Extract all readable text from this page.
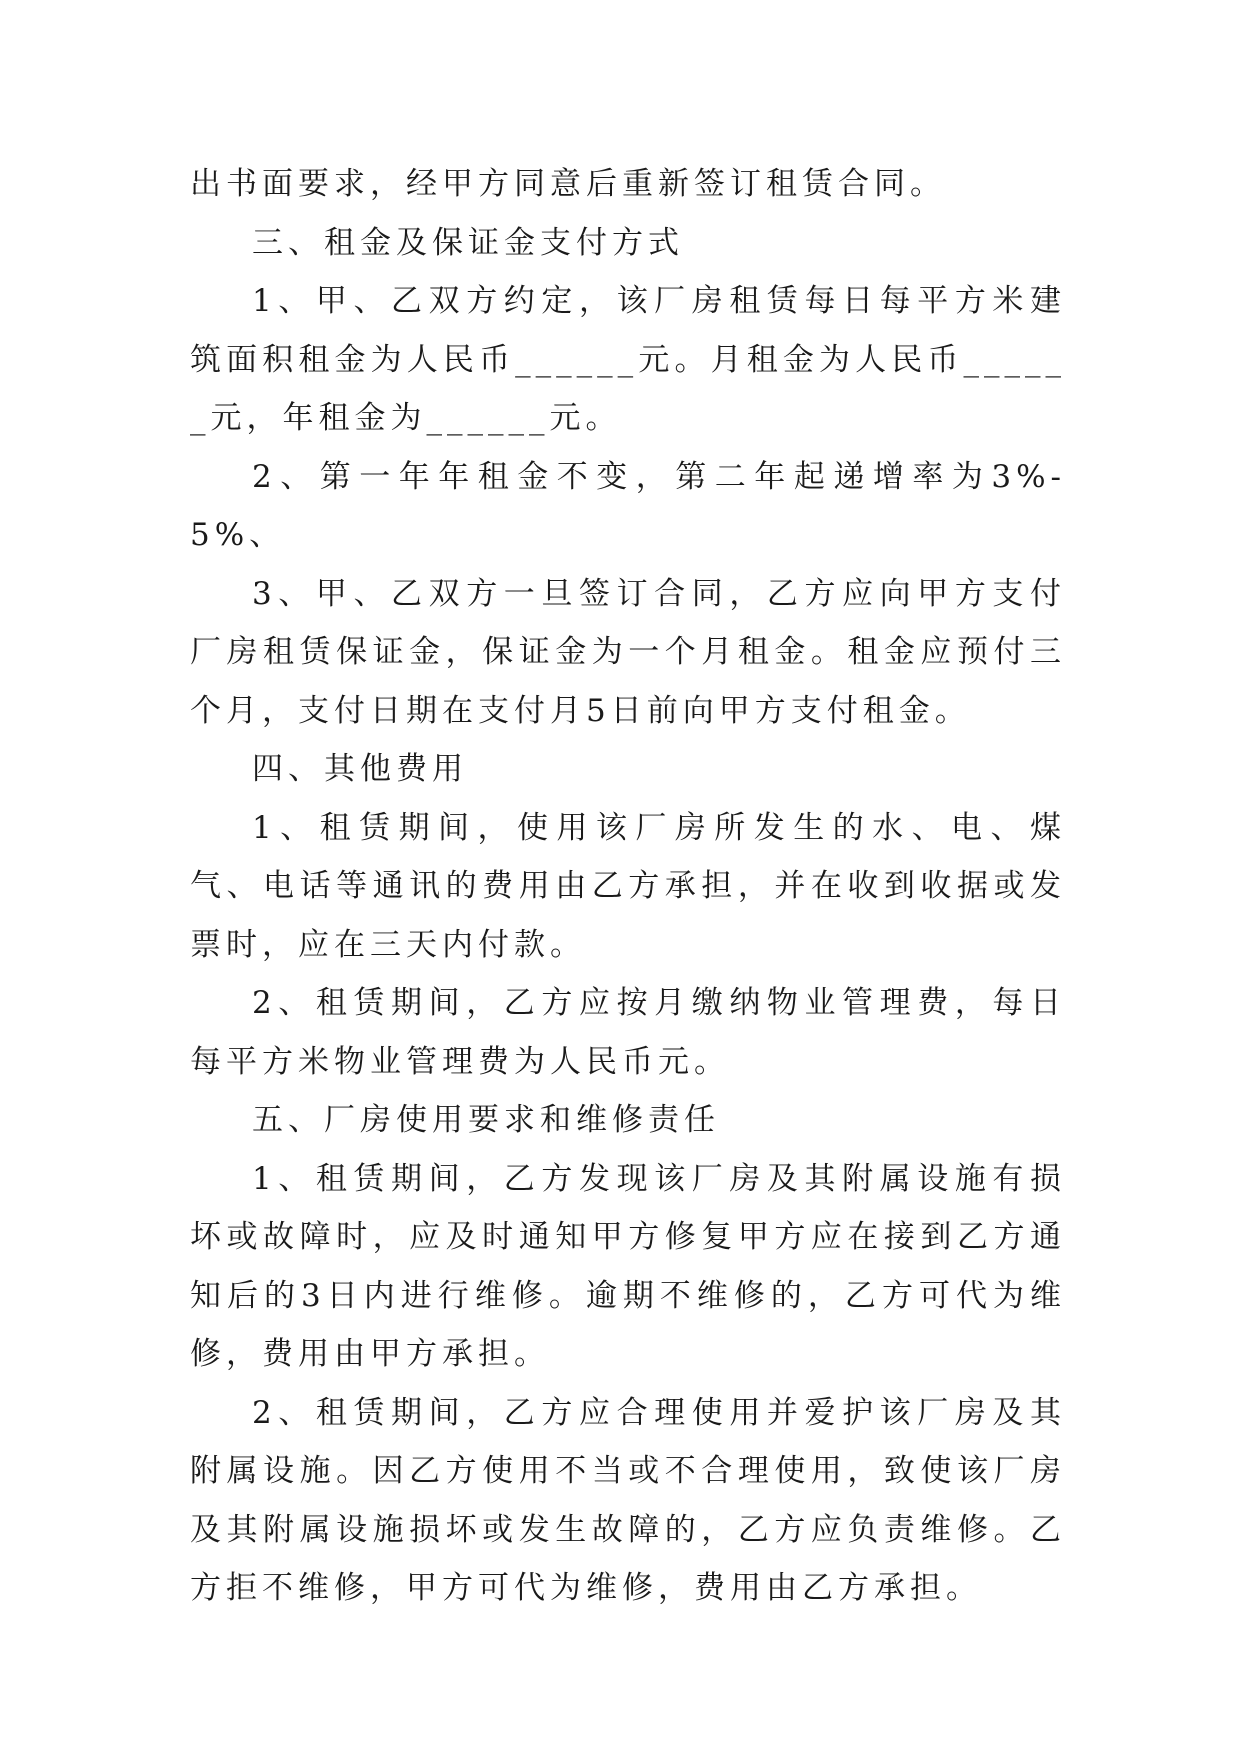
出书面要求，经甲方同意后重新签订租赁合同。

三、租金及保证金支付方式

1、甲、乙双方约定，该厂房租赁每日每平方米建筑面积租金为人民币______元。月租金为人民币______元，年租金为______元。

2、第一年年租金不变，第二年起递增率为3%-5%、

3、甲、乙双方一旦签订合同，乙方应向甲方支付厂房租赁保证金，保证金为一个月租金。租金应预付三个月，支付日期在支付月5日前向甲方支付租金。

四、其他费用

1、租赁期间，使用该厂房所发生的水、电、煤气、电话等通讯的费用由乙方承担，并在收到收据或发票时，应在三天内付款。

2、租赁期间，乙方应按月缴纳物业管理费，每日每平方米物业管理费为人民币元。

五、厂房使用要求和维修责任

1、租赁期间，乙方发现该厂房及其附属设施有损坏或故障时，应及时通知甲方修复甲方应在接到乙方通知后的3日内进行维修。逾期不维修的，乙方可代为维修，费用由甲方承担。

2、租赁期间，乙方应合理使用并爱护该厂房及其附属设施。因乙方使用不当或不合理使用，致使该厂房及其附属设施损坏或发生故障的，乙方应负责维修。乙方拒不维修，甲方可代为维修，费用由乙方承担。
